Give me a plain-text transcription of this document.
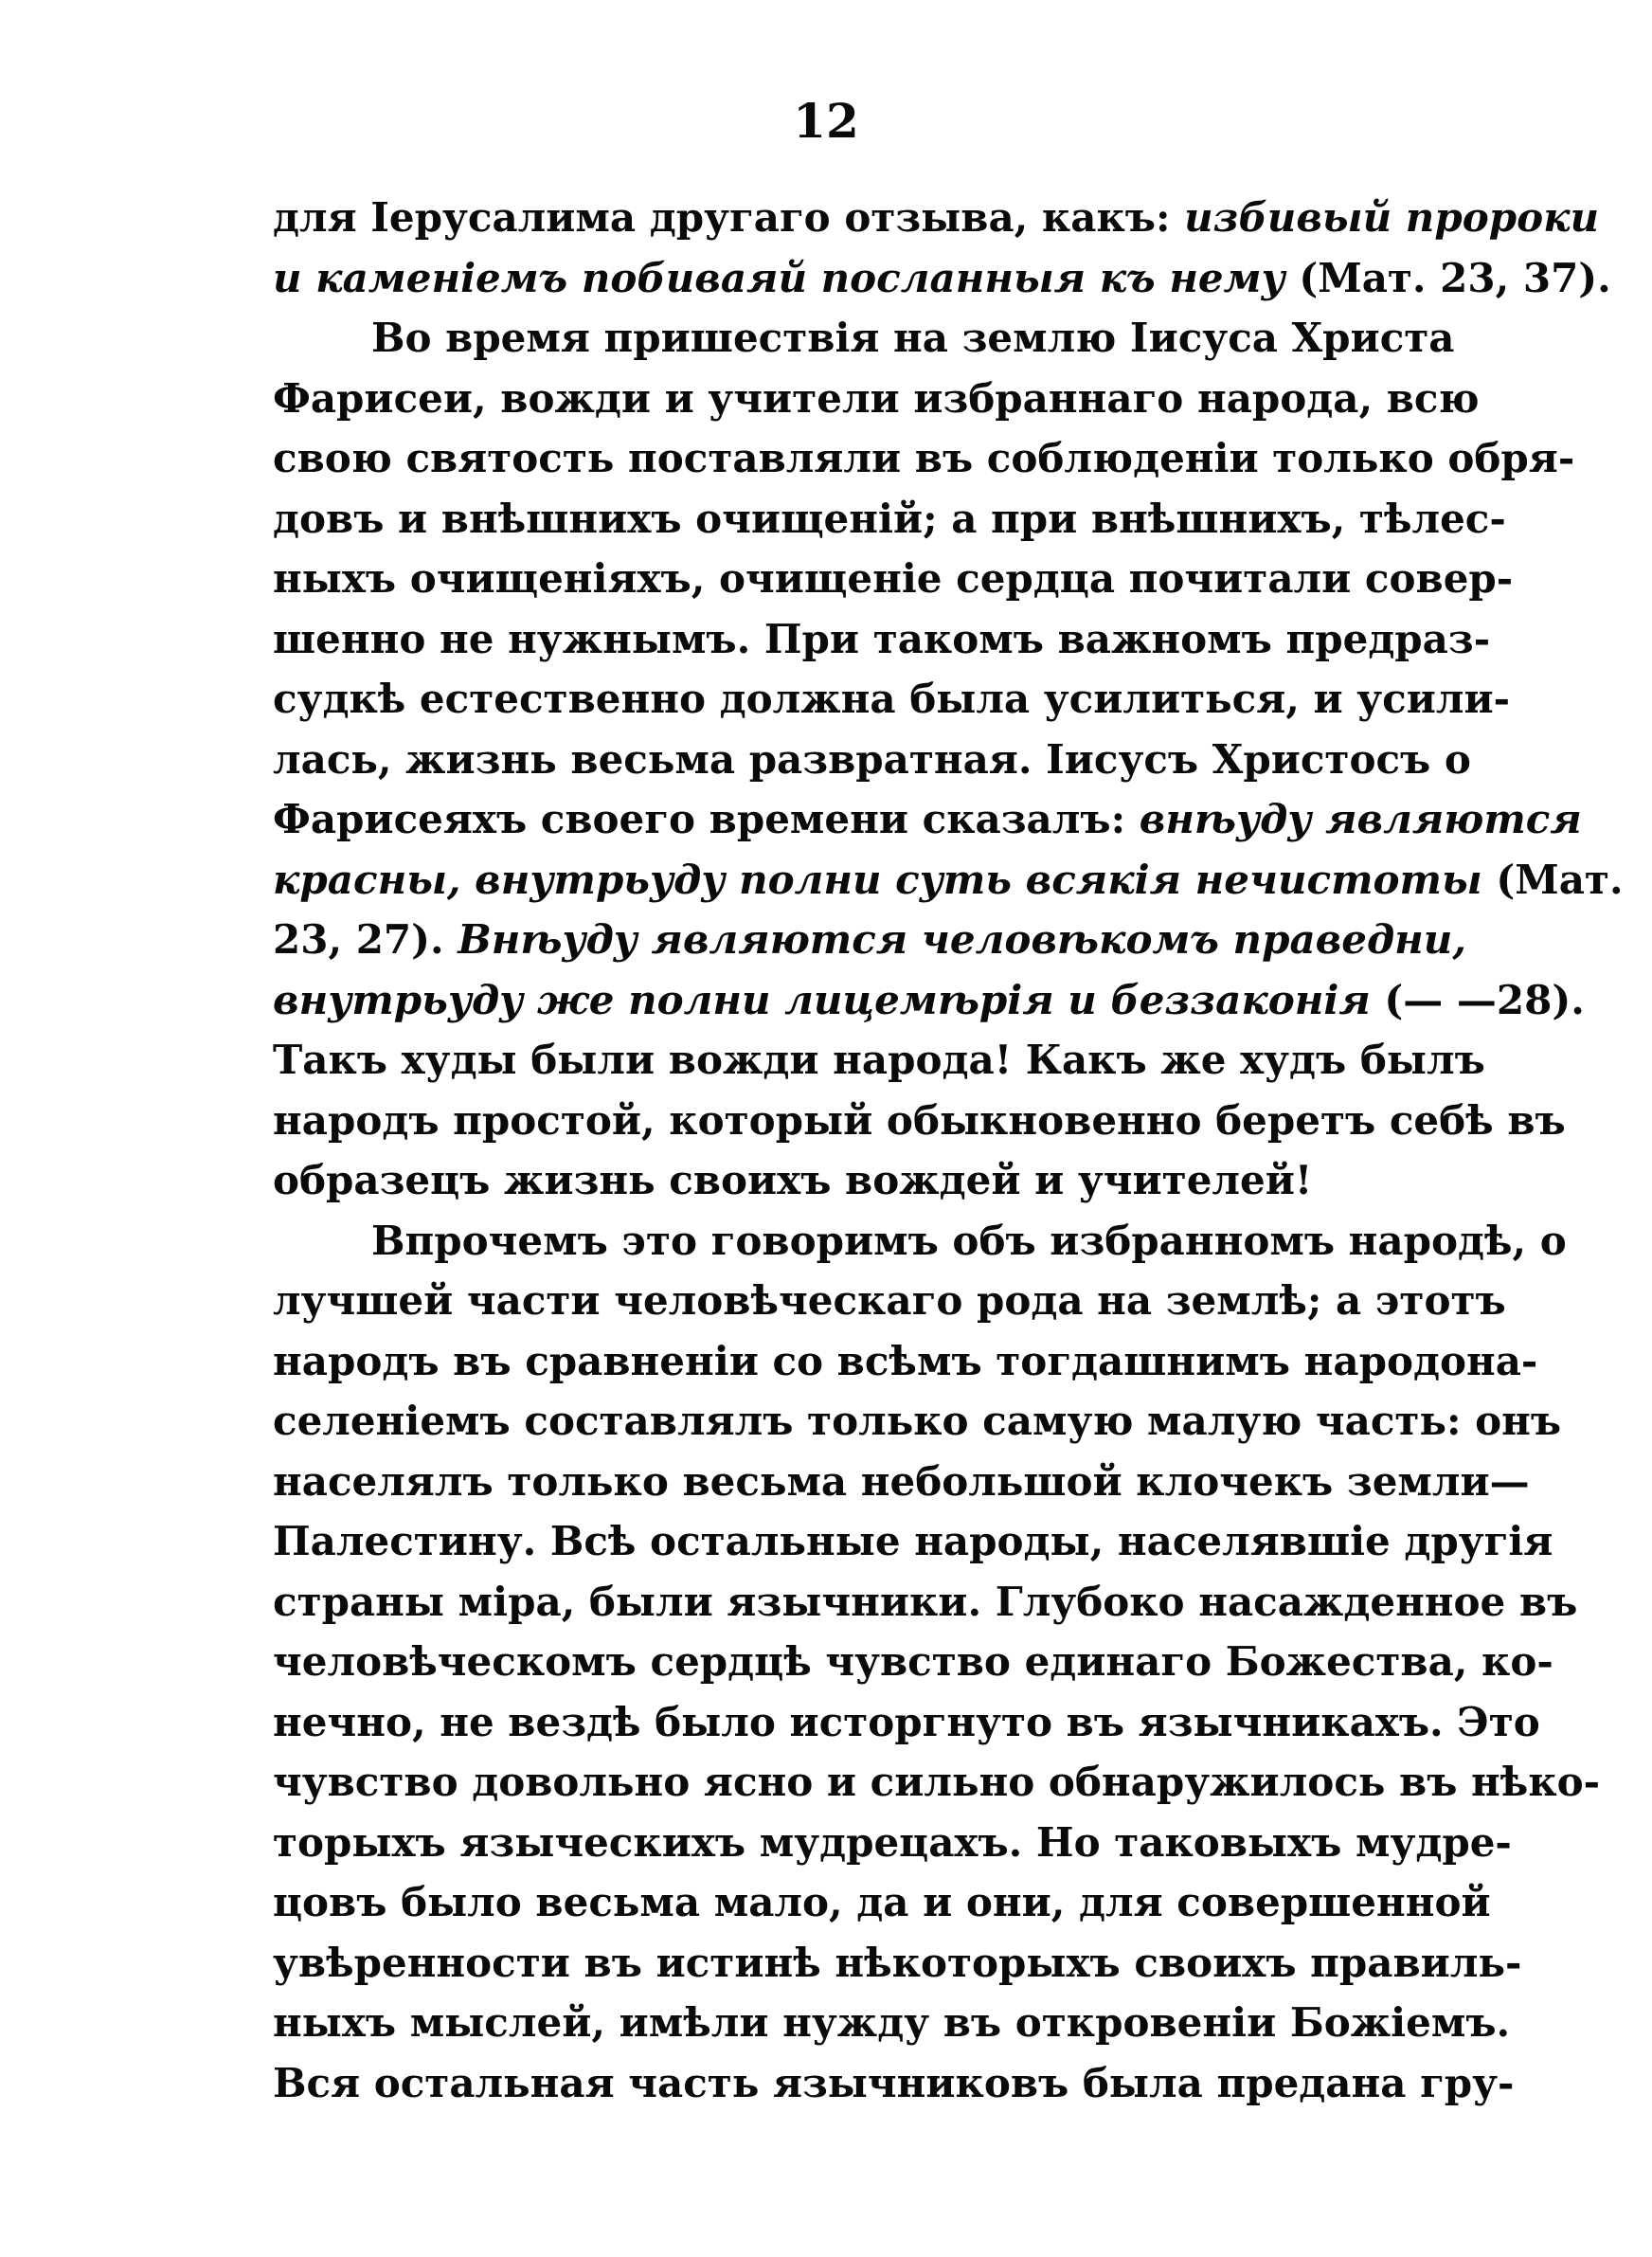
12
для Іерусалима другаго отзыва, какъ: избивый пророки
и каменіемъ побиваяй посланныя къ нему (Мат. 23, 37).
Во время пришествія на землю Іисуса Христа
Фарисеи, вожди и учители избраннаго народа, всю
свою святость поставляли въ соблюденіи только обря-
довъ и внѣшнихъ очищеній; а при внѣшнихъ, тѣлес-
ныхъ очищеніяхъ, очищеніе сердца почитали совер-
шенно не нужнымъ. При такомъ важномъ предраз-
судкѣ естественно должна была усилиться, и усили-
лась, жизнь весьма развратная. Іисусъ Христосъ о
Фарисеяхъ своего времени сказалъ: внѣуду являются
красны, внутрьуду полни суть всякія нечистоты (Мат.
23, 27). Внѣуду являются человѣкомъ праведни,
внутрьуду же полни лицемѣрія и беззаконія (— —28).
Такъ худы были вожди народа! Какъ же худъ былъ
народъ простой, который обыкновенно беретъ себѣ въ
образецъ жизнь своихъ вождей и учителей!
Впрочемъ это говоримъ объ избранномъ народѣ, о
лучшей части человѣческаго рода на землѣ; а этотъ
народъ въ сравненіи со всѣмъ тогдашнимъ народона-
селеніемъ составлялъ только самую малую часть: онъ
населялъ только весьма небольшой клочекъ земли—
Палестину. Всѣ остальные народы, населявшіе другія
страны міра, были язычники. Глубоко насажденное въ
человѣческомъ сердцѣ чувство единаго Божества, ко-
нечно, не вездѣ было исторгнуто въ язычникахъ. Это
чувство довольно ясно и сильно обнаружилось въ нѣко-
торыхъ языческихъ мудрецахъ. Но таковыхъ мудре-
цовъ было весьма мало, да и они, для совершенной
увѣренности въ истинѣ нѣкоторыхъ своихъ правиль-
ныхъ мыслей, имѣли нужду въ откровеніи Божіемъ.
Вся остальная часть язычниковъ была предана гру-
